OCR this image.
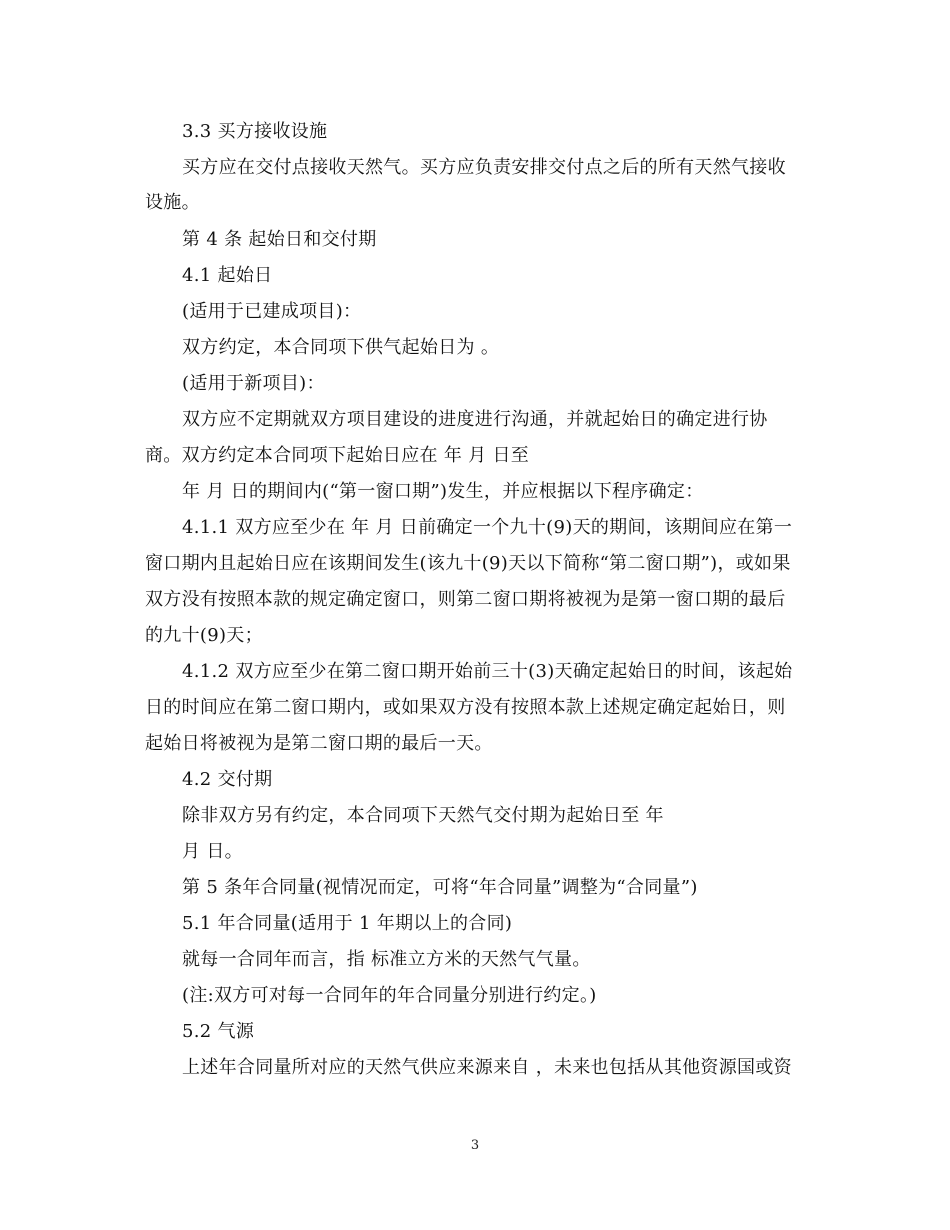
3.3 买方接收设施
买方应在交付点接收天然气。买方应负责安排交付点之后的所有天然气接收
设施。
第 4 条 起始日和交付期
4.1 起始日
(适用于已建成项目)：
双方约定，本合同项下供气起始日为 。
(适用于新项目)：
双方应不定期就双方项目建设的进度进行沟通，并就起始日的确定进行协
商。双方约定本合同项下起始日应在 年 月 日至
年 月 日的期间内(“第一窗口期”)发生，并应根据以下程序确定：
4.1.1 双方应至少在 年 月 日前确定一个九十(9)天的期间，该期间应在第一
窗口期内且起始日应在该期间发生(该九十(9)天以下简称“第二窗口期”)，或如果
双方没有按照本款的规定确定窗口，则第二窗口期将被视为是第一窗口期的最后
的九十(9)天；
4.1.2 双方应至少在第二窗口期开始前三十(3)天确定起始日的时间，该起始
日的时间应在第二窗口期内，或如果双方没有按照本款上述规定确定起始日，则
起始日将被视为是第二窗口期的最后一天。
4.2 交付期
除非双方另有约定，本合同项下天然气交付期为起始日至 年
月 日。
第 5 条年合同量(视情况而定，可将“年合同量”调整为“合同量”)
5.1 年合同量(适用于 1 年期以上的合同)
就每一合同年而言，指 标准立方米的天然气气量。
(注:双方可对每一合同年的年合同量分别进行约定。)
5.2 气源
上述年合同量所对应的天然气供应来源来自 ，未来也包括从其他资源国或资
3
